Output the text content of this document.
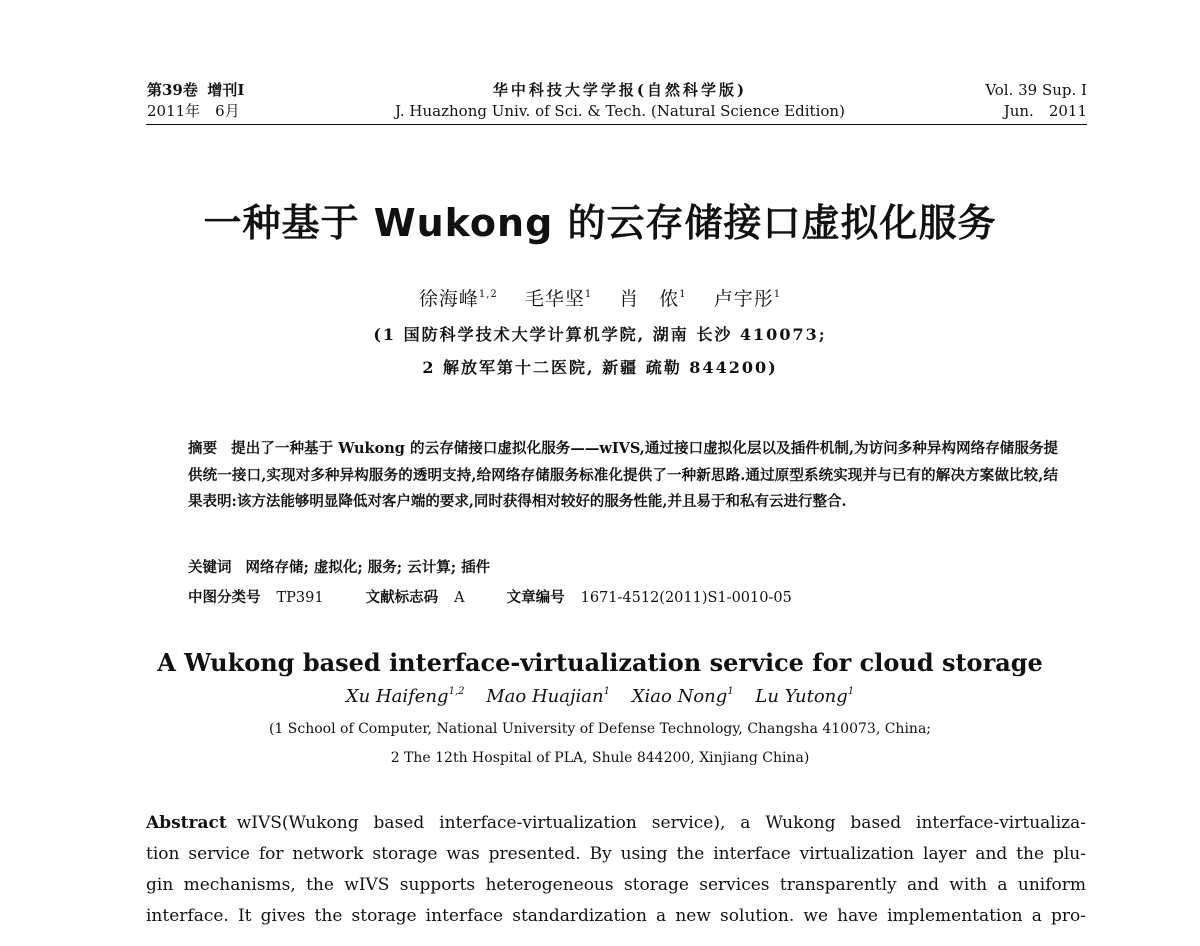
第39卷 增刊Ⅰ
2011年　6月
华中科技大学学报(自然科学版)
J. Huazhong Univ. of Sci. & Tech. (Natural Science Edition)
Vol. 39 Sup. Ⅰ
Jun.　2011
一种基于 Wukong 的云存储接口虚拟化服务
徐海峰$^{1,2}$ 毛华坚$^1$ 肖　侬$^1$ 卢宇彤$^1$
(1 国防科学技术大学计算机学院, 湖南 长沙 410073;
2 解放军第十二医院, 新疆 疏勒 844200)
摘要 提出了一种基于 Wukong 的云存储接口虚拟化服务——wIVS,通过接口虚拟化层以及插件机制,为访问多种异构网络存储服务提供统一接口,实现对多种异构服务的透明支持,给网络存储服务标准化提供了一种新思路.通过原型系统实现并与已有的解决方案做比较,结果表明:该方法能够明显降低对客户端的要求,同时获得相对较好的服务性能,并且易于和私有云进行整合.
关键词 网络存储; 虚拟化; 服务; 云计算; 插件
中图分类号 TP391	文献标志码 A	文章编号 1671-4512(2011)S1-0010-05
A Wukong based interface-virtualization service for cloud storage
Xu Haifeng$^{1,2}$ Mao Huajian$^1$ Xiao Nong$^1$ Lu Yutong$^1$
(1 School of Computer, National University of Defense Technology, Changsha 410073, China;
2 The 12th Hospital of PLA, Shule 844200, Xinjiang China)
Abstract wIVS(Wukong based interface-virtualization service), a Wukong based interface-virtualiza-
tion service for network storage was presented. By using the interface virtualization layer and the plu-
gin mechanisms, the wIVS supports heterogeneous storage services transparently and with a uniform
interface. It gives the storage interface standardization a new solution. we have implementation a pro-
